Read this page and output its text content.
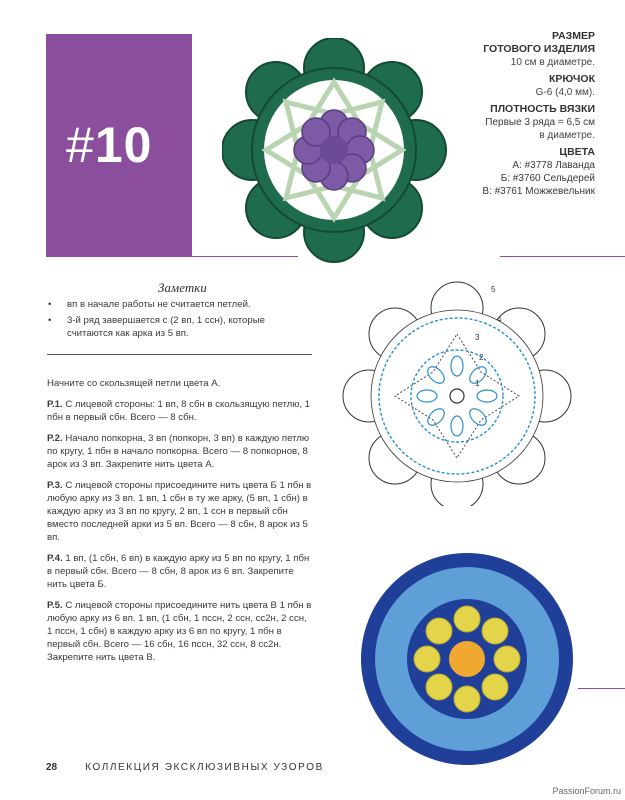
#10
РАЗМЕР
ГОТОВОГО ИЗДЕЛИЯ
10 см в диаметре.
КРЮЧОК
G-6 (4,0 мм).
ПЛОТНОСТЬ ВЯЗКИ
Первые 3 ряда = 6,5 см
в диаметре.
ЦВЕТА
А: #3778 Лаванда
Б: #3760 Сельдерей
В: #3761 Можжевельник
Заметки
• вп в начале работы не считается петлей.
• 3-й ряд завершается с (2 вп, 1 ссн), которые считаются как арка из 5 вп.

Начните со скользящей петли цвета А.

Р.1. С лицевой стороны: 1 вп, 8 сбн в скользящую петлю, 1 пбн в первый сбн. Всего — 8 сбн.

Р.2. Начало попкорна, 3 вп (попкорн, 3 вп) в каждую петлю по кругу, 1 пбн в начало попкорна. Всего — 8 попкорнов, 8 арок из 3 вп. Закрепите нить цвета А.

Р.3. С лицевой стороны присоедините нить цвета Б 1 пбн в любую арку из 3 вп. 1 вп, 1 сбн в ту же арку, (5 вп, 1 сбн) в каждую арку из 3 вп по кругу, 2 вп, 1 ссн в первый сбн вместо последней арки из 5 вп. Всего — 8 сбн, 8 арок из 5 вп.

Р.4. 1 вп, (1 сбн, 6 вп) в каждую арку из 5 вп по кругу, 1 пбн в первый сбн. Всего — 8 сбн, 8 арок из 6 вп. Закрепите нить цвета Б.

Р.5. С лицевой стороны присоедините нить цвета В 1 пбн в любую арку из 6 вп. 1 вп, (1 сбн, 1 пссн, 2 ссн, сс2н, 2 ссн, 1 пссн, 1 сбн) в каждую арку из 6 вп по кругу, 1 пбн в первый сбн. Всего — 16 сбн, 16 пссн, 32 ссн, 8 сс2н. Закрепите нить цвета В.

5
4
3
2
1
28	КОЛЛЕКЦИЯ ЭКСКЛЮЗИВНЫХ УЗОРОВ
PassionForum.ru
